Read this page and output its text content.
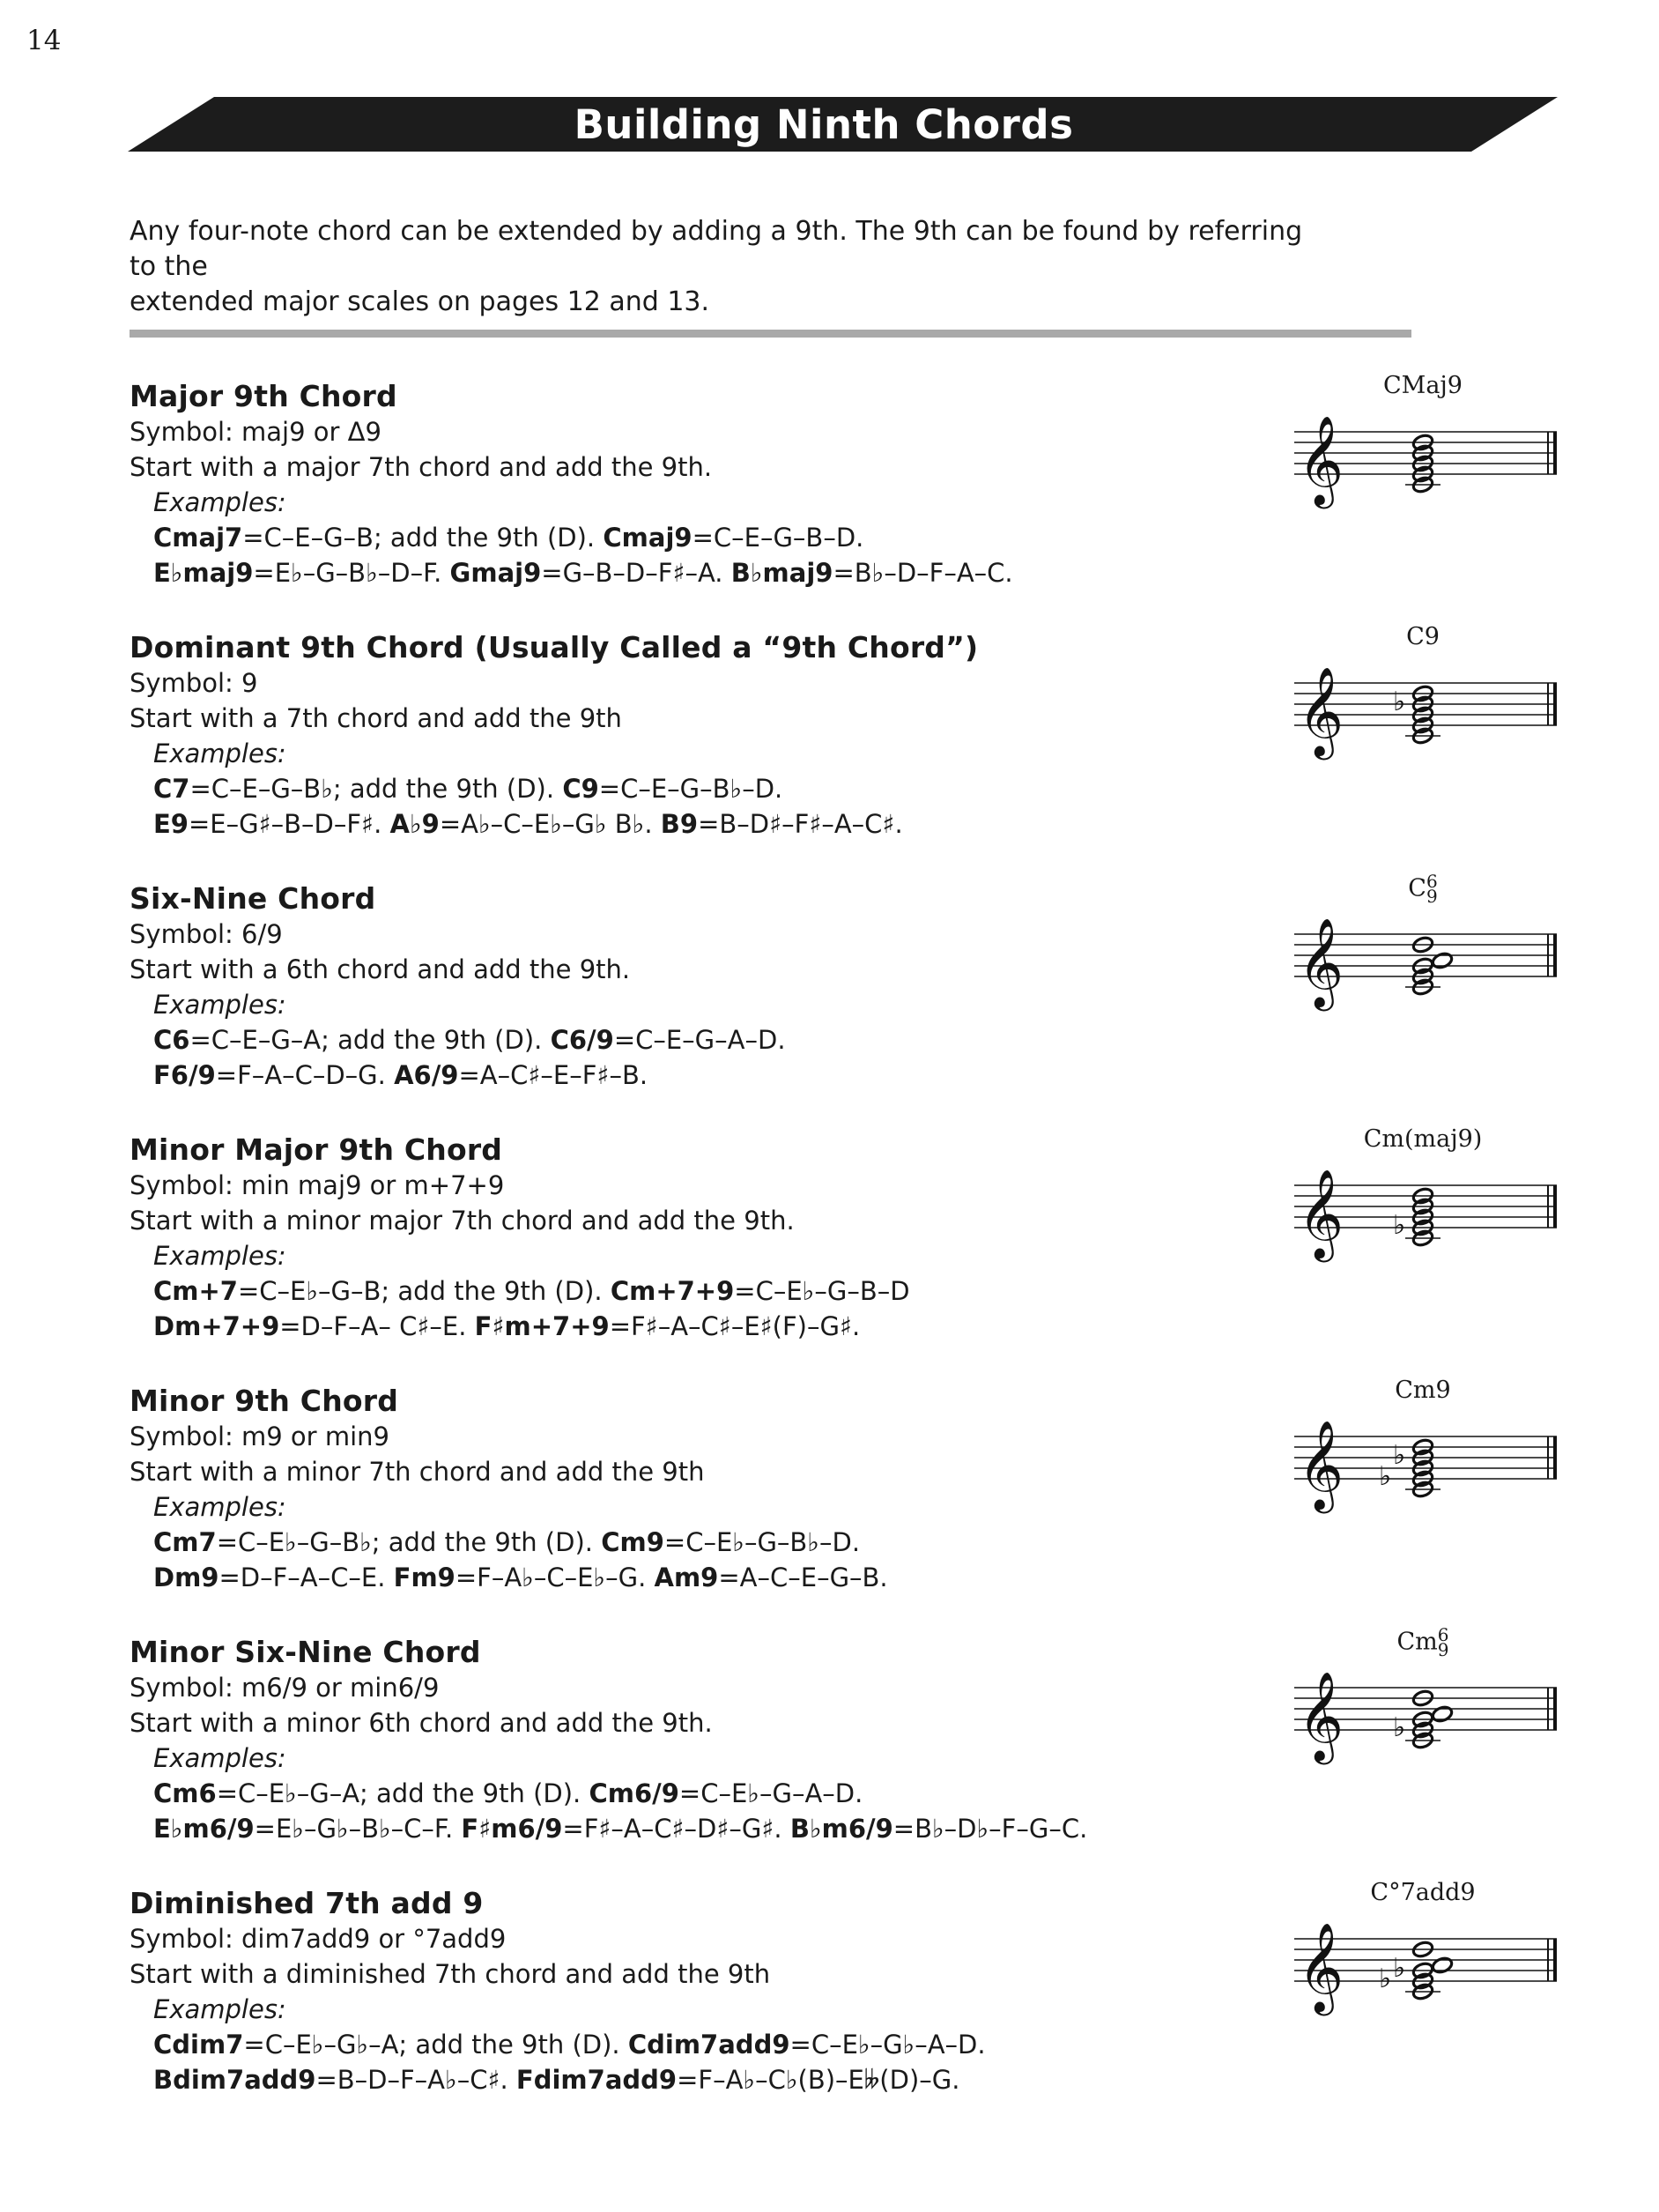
14
Building Ninth Chords

Any four-note chord can be extended by adding a 9th. The 9th can be found by referring to the
extended major scales on pages 12 and 13.

Major 9th Chord
Symbol: maj9 or Δ9
Start with a major 7th chord and add the 9th.
Examples:
Cmaj7=C–E–G–B; add the 9th (D). Cmaj9=C–E–G–B–D.
E♭maj9=E♭–G–B♭–D–F. Gmaj9=G–B–D–F♯–A. B♭maj9=B♭–D–F–A–C.
CMaj9
𝄞
Dominant 9th Chord (Usually Called a “9th Chord”)
Symbol: 9
Start with a 7th chord and add the 9th
Examples:
C7=C–E–G–B♭; add the 9th (D). C9=C–E–G–B♭–D.
E9=E–G♯–B–D–F♯. A♭9=A♭–C–E♭–G♭ B♭. B9=B–D♯–F♯–A–C♯.
C9
𝄞 ♭
Six-Nine Chord
Symbol: 6/9
Start with a 6th chord and add the 9th.
Examples:
C6=C–E–G–A; add the 9th (D). C6/9=C–E–G–A–D.
F6/9=F–A–C–D–G. A6/9=A–C♯–E–F♯–B.
C6
9
𝄞
Minor Major 9th Chord
Symbol: min maj9 or m+7+9
Start with a minor major 7th chord and add the 9th.
Examples:
Cm+7=C–E♭–G–B; add the 9th (D). Cm+7+9=C–E♭–G–B–D
Dm+7+9=D–F–A– C♯–E. F♯m+7+9=F♯–A–C♯–E♯(F)–G♯.
Cm(maj9)
𝄞 ♭
Minor 9th Chord
Symbol: m9 or min9
Start with a minor 7th chord and add the 9th
Examples:
Cm7=C–E♭–G–B♭; add the 9th (D). Cm9=C–E♭–G–B♭–D.
Dm9=D–F–A–C–E. Fm9=F–A♭–C–E♭–G. Am9=A–C–E–G–B.
Cm9
𝄞 ♭
♭
Minor Six-Nine Chord
Symbol: m6/9 or min6/9
Start with a minor 6th chord and add the 9th.
Examples:
Cm6=C–E♭–G–A; add the 9th (D). Cm6/9=C–E♭–G–A–D.
E♭m6/9=E♭–G♭–B♭–C–F. F♯m6/9=F♯–A–C♯–D♯–G♯. B♭m6/9=B♭–D♭–F–G–C.
Cm6
9
𝄞 ♭
Diminished 7th add 9
Symbol: dim7add9 or °7add9
Start with a diminished 7th chord and add the 9th
Examples:
Cdim7=C–E♭–G♭–A; add the 9th (D). Cdim7add9=C–E♭–G♭–A–D.
Bdim7add9=B–D–F–A♭–C♯. Fdim7add9=F–A♭–C♭(B)–E𝄫(D)–G.
C°7add9
𝄞 ♭ ♭
